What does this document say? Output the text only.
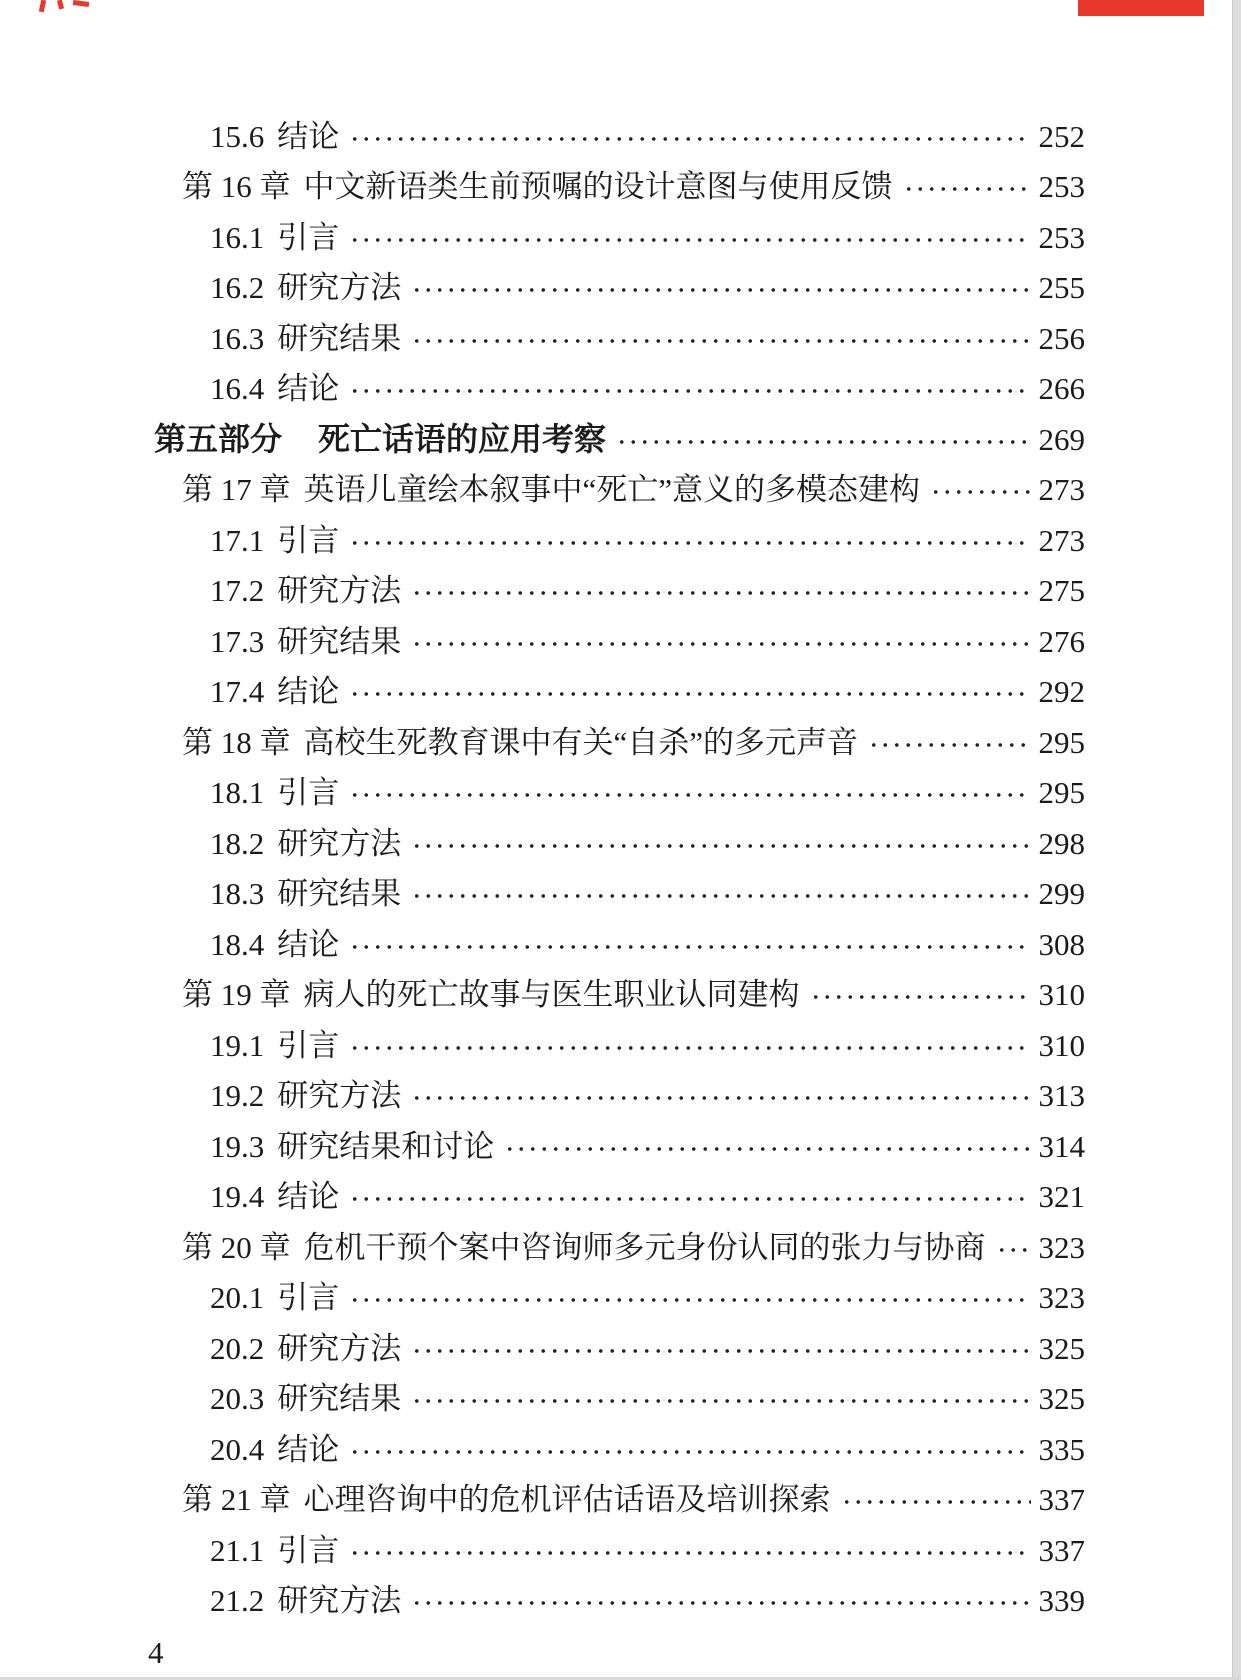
15.6 结论	252
第 16 章 中文新语类生前预嘱的设计意图与使用反馈	253
16.1 引言	253
16.2 研究方法	255
16.3 研究结果	256
16.4 结论	266
第五部分 死亡话语的应用考察	269
第 17 章 英语儿童绘本叙事中“死亡”意义的多模态建构	273
17.1 引言	273
17.2 研究方法	275
17.3 研究结果	276
17.4 结论	292
第 18 章 高校生死教育课中有关“自杀”的多元声音	295
18.1 引言	295
18.2 研究方法	298
18.3 研究结果	299
18.4 结论	308
第 19 章 病人的死亡故事与医生职业认同建构	310
19.1 引言	310
19.2 研究方法	313
19.3 研究结果和讨论	314
19.4 结论	321
第 20 章 危机干预个案中咨询师多元身份认同的张力与协商 323
20.1 引言	323
20.2 研究方法	325
20.3 研究结果	325
20.4 结论	335
第 21 章 心理咨询中的危机评估话语及培训探索	337
21.1 引言	337
21.2 研究方法	339
4
